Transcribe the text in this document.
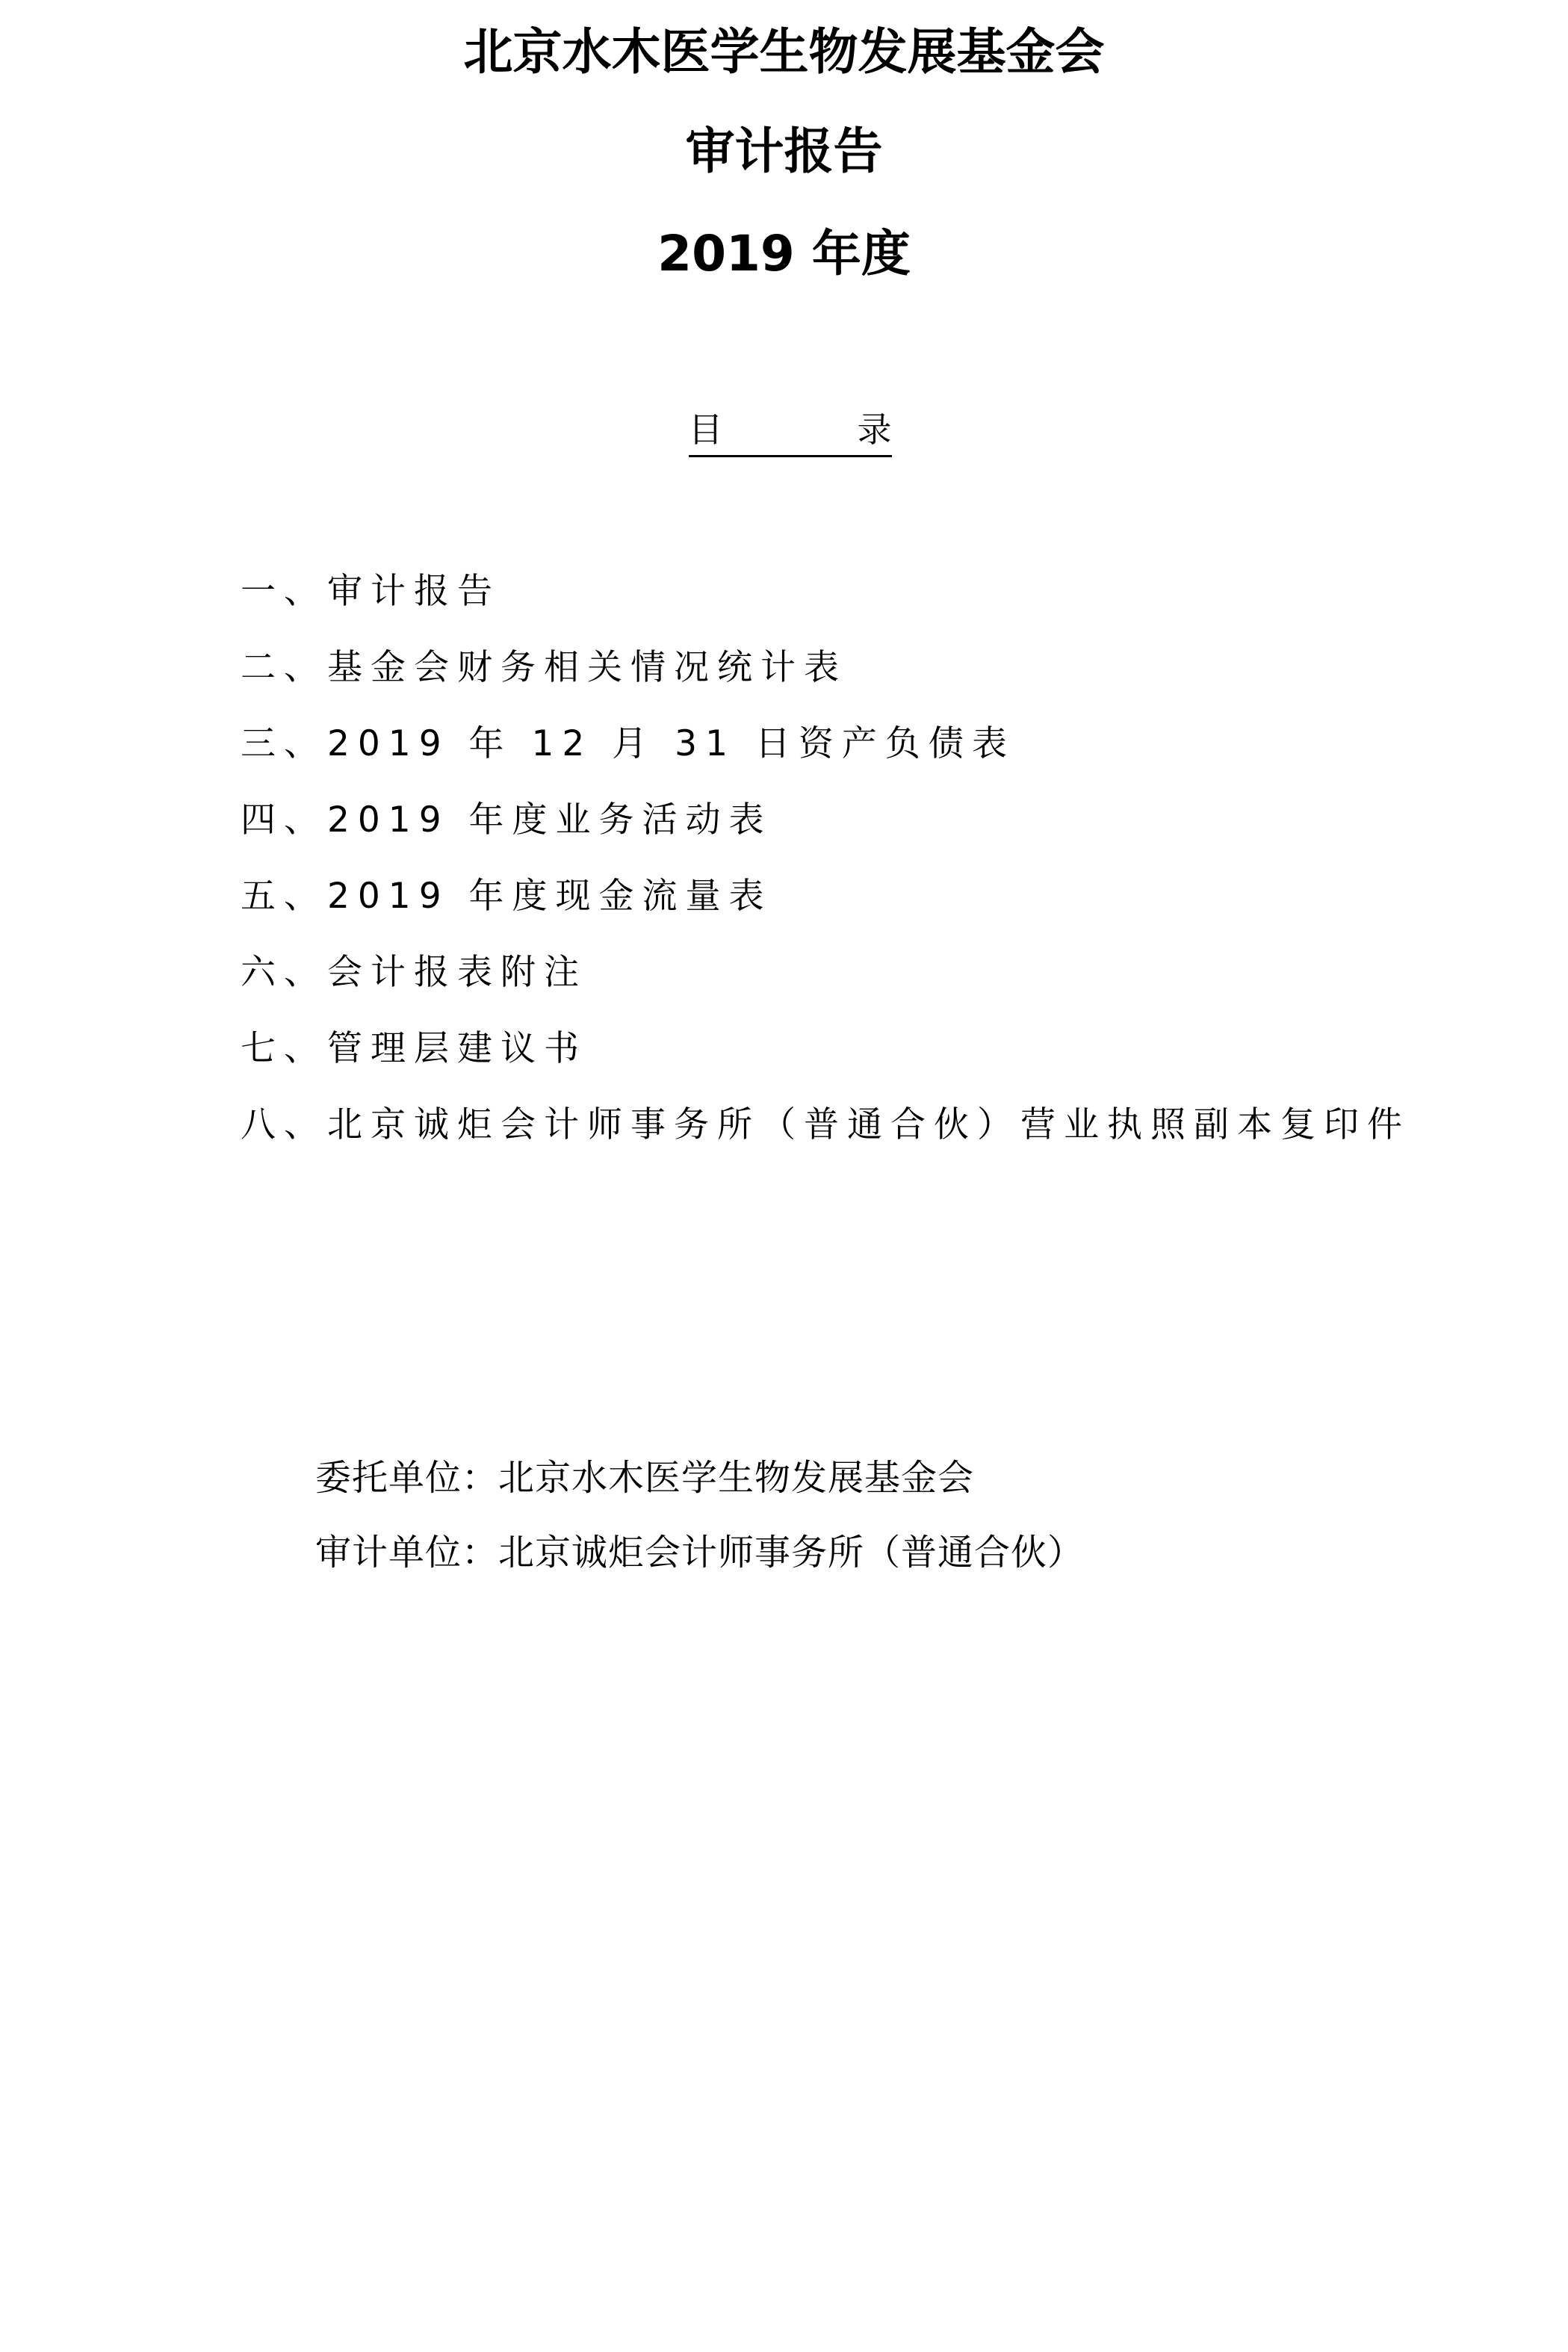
北京水木医学生物发展基金会
审计报告
2019 年度
目　　录
一、审计报告
二、基金会财务相关情况统计表
三、2019 年 12 月 31 日资产负债表
四、2019 年度业务活动表
五、2019 年度现金流量表
六、会计报表附注
七、管理层建议书
八、北京诚炬会计师事务所（普通合伙）营业执照副本复印件
委托单位：北京水木医学生物发展基金会
审计单位：北京诚炬会计师事务所（普通合伙）
